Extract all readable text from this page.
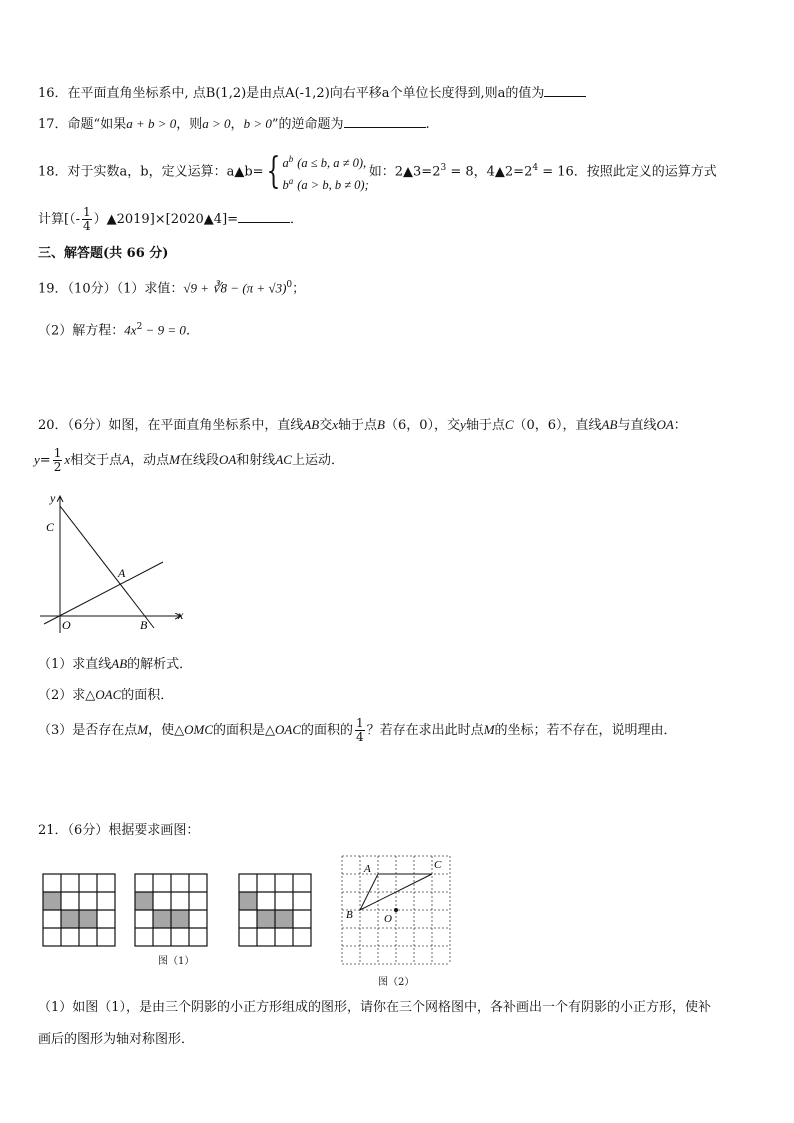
16．在平面直角坐标系中, 点B(1,2)是由点A(-1,2)向右平移a个单位长度得到,则a的值为
17．命题“如果a + b > 0，则a > 0，b > 0”的逆命题为	.
18．对于实数a，b，定义运算：a▲b={ $a^b$ (a ≤ b, a ≠ 0),
$b^a$ (a > b, b ≠ 0);
如：$2▲3=2^3 = 8$，$4▲2=2^4 = 16$．按照此定义的运算方式
计算[（- $\frac{1}{4}$ ）▲2019]×[2020▲4]=	．
三、解答题(共 66 分)
19．（10分）（1）求值：√9 + ∛8 − $(\pi + √3)^0$；
（2）解方程：$4x^2 - 9 = 0$．
20．（6分）如图，在平面直角坐标系中，直线AB交x轴于点B（6，0），交y轴于点C（0，6），直线AB与直线OA：
$y= \frac{1}{2}$ x相交于点A，动点M在线段OA和射线AC上运动．
y
C
A
O	B
x
（1）求直线AB的解析式．
（2）求△OAC的面积．
（3）是否存在点M，使△OMC的面积是△OAC的面积的 $\frac{1}{4}$ ？若存在求出此时点M的坐标；若不存在，说明理由．
21．（6分）根据要求画图：
图（1）
A	C
B	O
图（2）
（1）如图（1），是由三个阴影的小正方形组成的图形，请你在三个网格图中，各补画出一个有阴影的小正方形，使补
画后的图形为轴对称图形．
